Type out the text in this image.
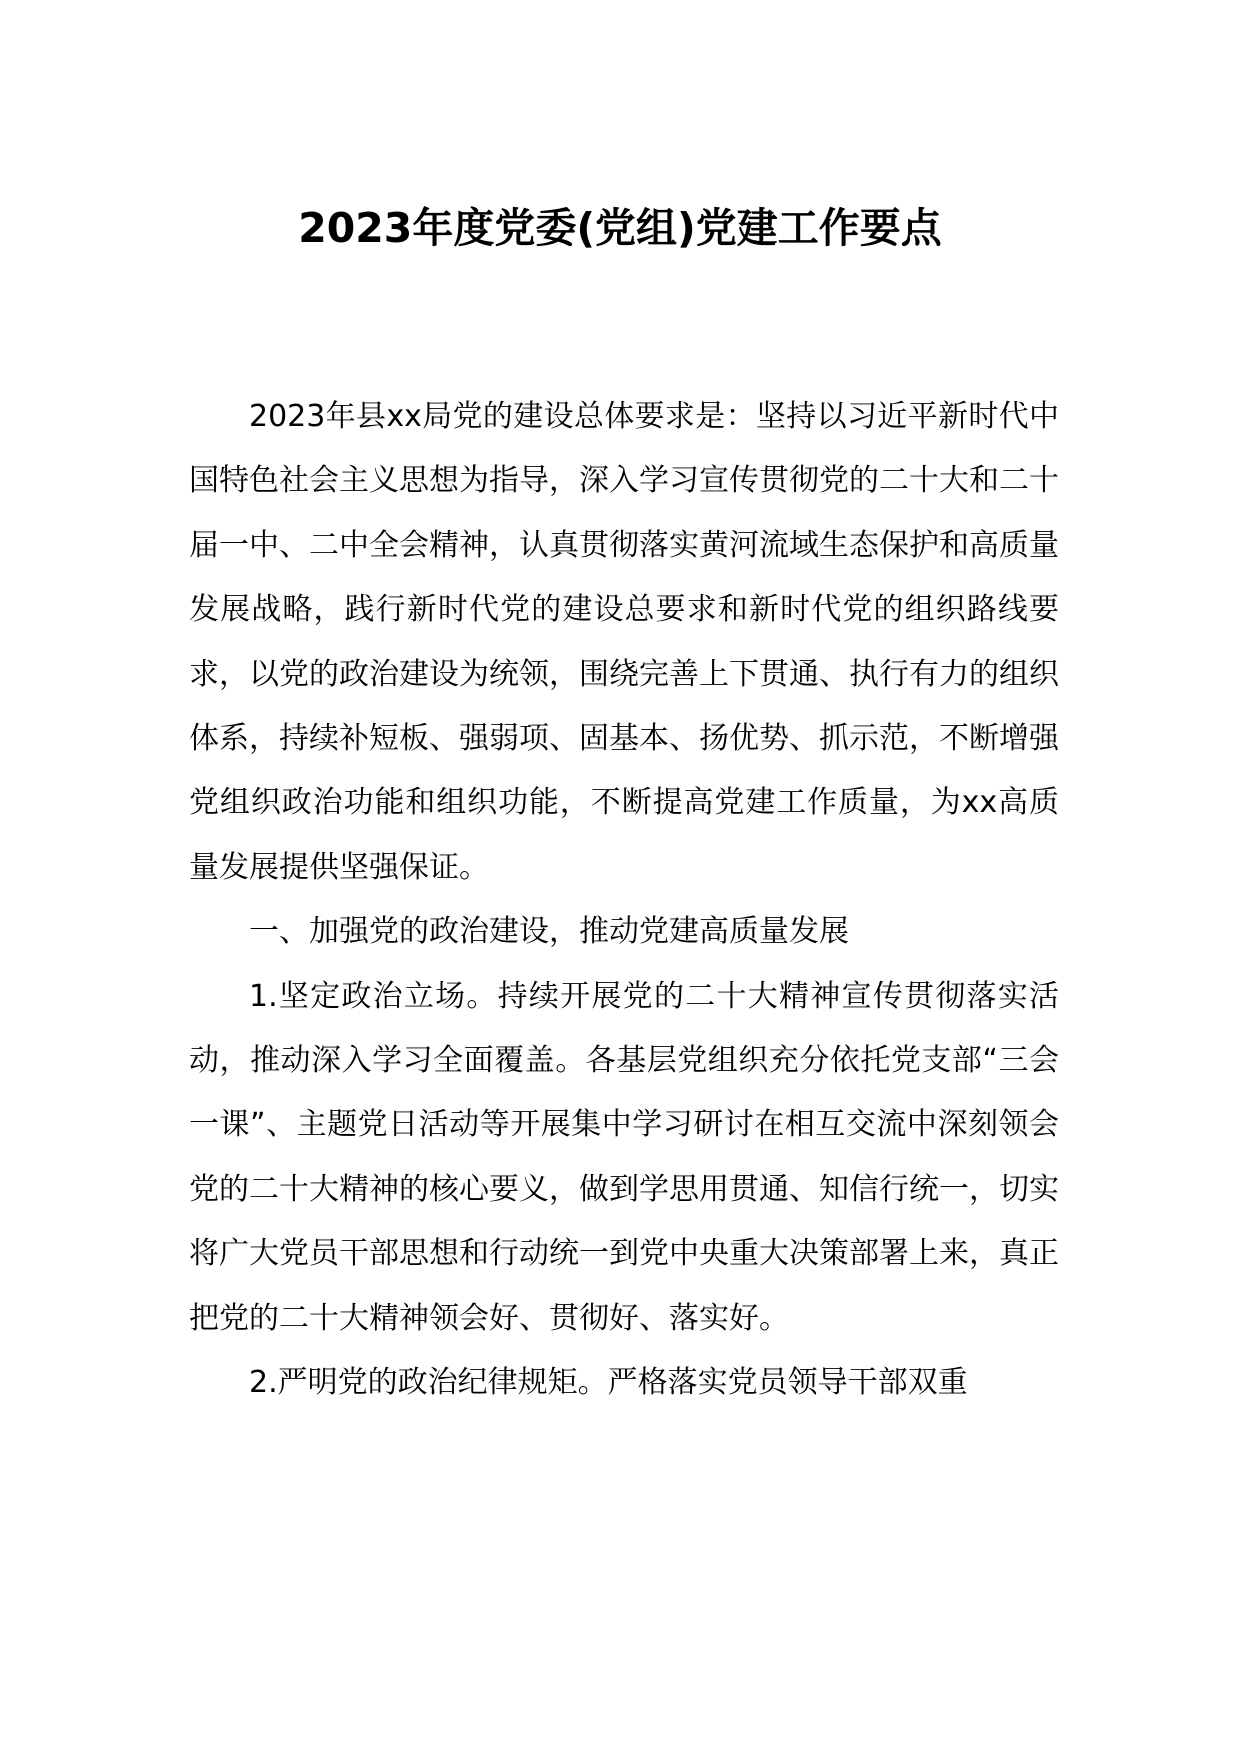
2023年度党委(党组)党建工作要点

2023年县xx局党的建设总体要求是：坚持以习近平新时代中国特色社会主义思想为指导，深入学习宣传贯彻党的二十大和二十届一中、二中全会精神，认真贯彻落实黄河流域生态保护和高质量发展战略，践行新时代党的建设总要求和新时代党的组织路线要求，以党的政治建设为统领，围绕完善上下贯通、执行有力的组织体系，持续补短板、强弱项、固基本、扬优势、抓示范，不断增强党组织政治功能和组织功能，不断提高党建工作质量，为xx高质量发展提供坚强保证。

一、加强党的政治建设，推动党建高质量发展

1.坚定政治立场。持续开展党的二十大精神宣传贯彻落实活动，推动深入学习全面覆盖。各基层党组织充分依托党支部“三会一课”、主题党日活动等开展集中学习研讨在相互交流中深刻领会党的二十大精神的核心要义，做到学思用贯通、知信行统一，切实将广大党员干部思想和行动统一到党中央重大决策部署上来，真正把党的二十大精神领会好、贯彻好、落实好。

2.严明党的政治纪律规矩。严格落实党员领导干部双重
